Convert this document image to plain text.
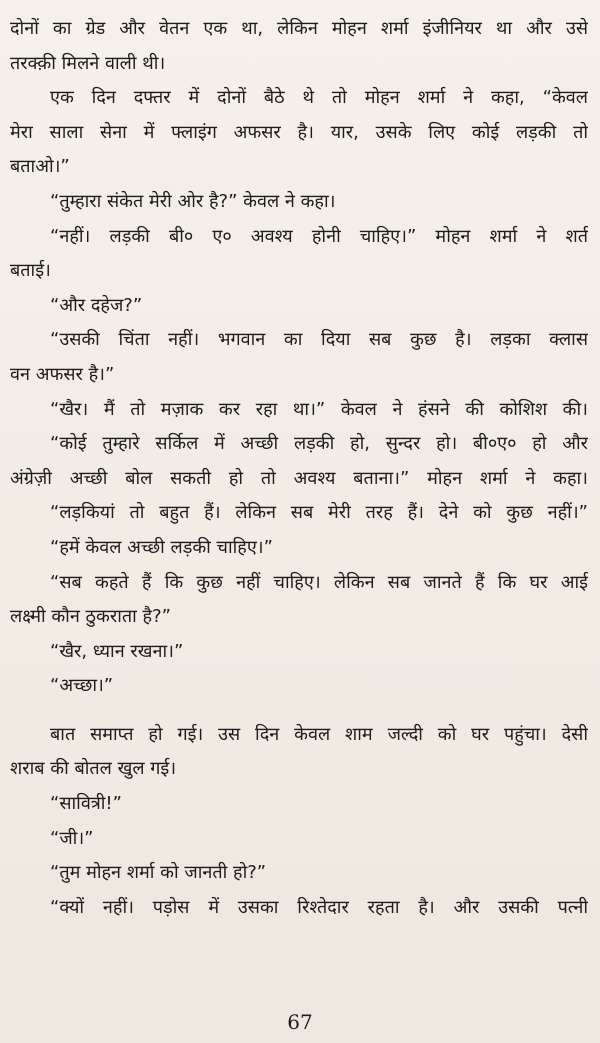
दोनों का ग्रेड और वेतन एक था, लेकिन मोहन शर्मा इंजीनियर था और उसे
तरक्क़ी मिलने वाली थी।
एक दिन दफ्तर में दोनों बैठे थे तो मोहन शर्मा ने कहा, “केवल
मेरा साला सेना में फ्लाइंग अफसर है। यार, उसके लिए कोई लड़की तो
बताओ।”
“तुम्हारा संकेत मेरी ओर है?” केवल ने कहा।
“नहीं। लड़की बी० ए० अवश्य होनी चाहिए।” मोहन शर्मा ने शर्त
बताई।
“और दहेज?”
“उसकी चिंता नहीं। भगवान का दिया सब कुछ है। लड़का क्लास
वन अफसर है।”
“खैर। मैं तो मज़ाक कर रहा था।” केवल ने हंसने की कोशिश की।
“कोई तुम्हारे सर्किल में अच्छी लड़की हो, सुन्दर हो। बी०ए० हो और
अंग्रेज़ी अच्छी बोल सकती हो तो अवश्य बताना।” मोहन शर्मा ने कहा।
“लड़कियां तो बहुत हैं। लेकिन सब मेरी तरह हैं। देने को कुछ नहीं।”
“हमें केवल अच्छी लड़की चाहिए।”
“सब कहते हैं कि कुछ नहीं चाहिए। लेकिन सब जानते हैं कि घर आई
लक्ष्मी कौन ठुकराता है?”
“खैर, ध्यान रखना।”
“अच्छा।”
बात समाप्त हो गई। उस दिन केवल शाम जल्दी को घर पहुंचा। देसी
शराब की बोतल खुल गई।
“सावित्री!”
“जी।”
“तुम मोहन शर्मा को जानती हो?”
“क्यों नहीं। पड़ोस में उसका रिश्तेदार रहता है। और उसकी पत्नी
67
